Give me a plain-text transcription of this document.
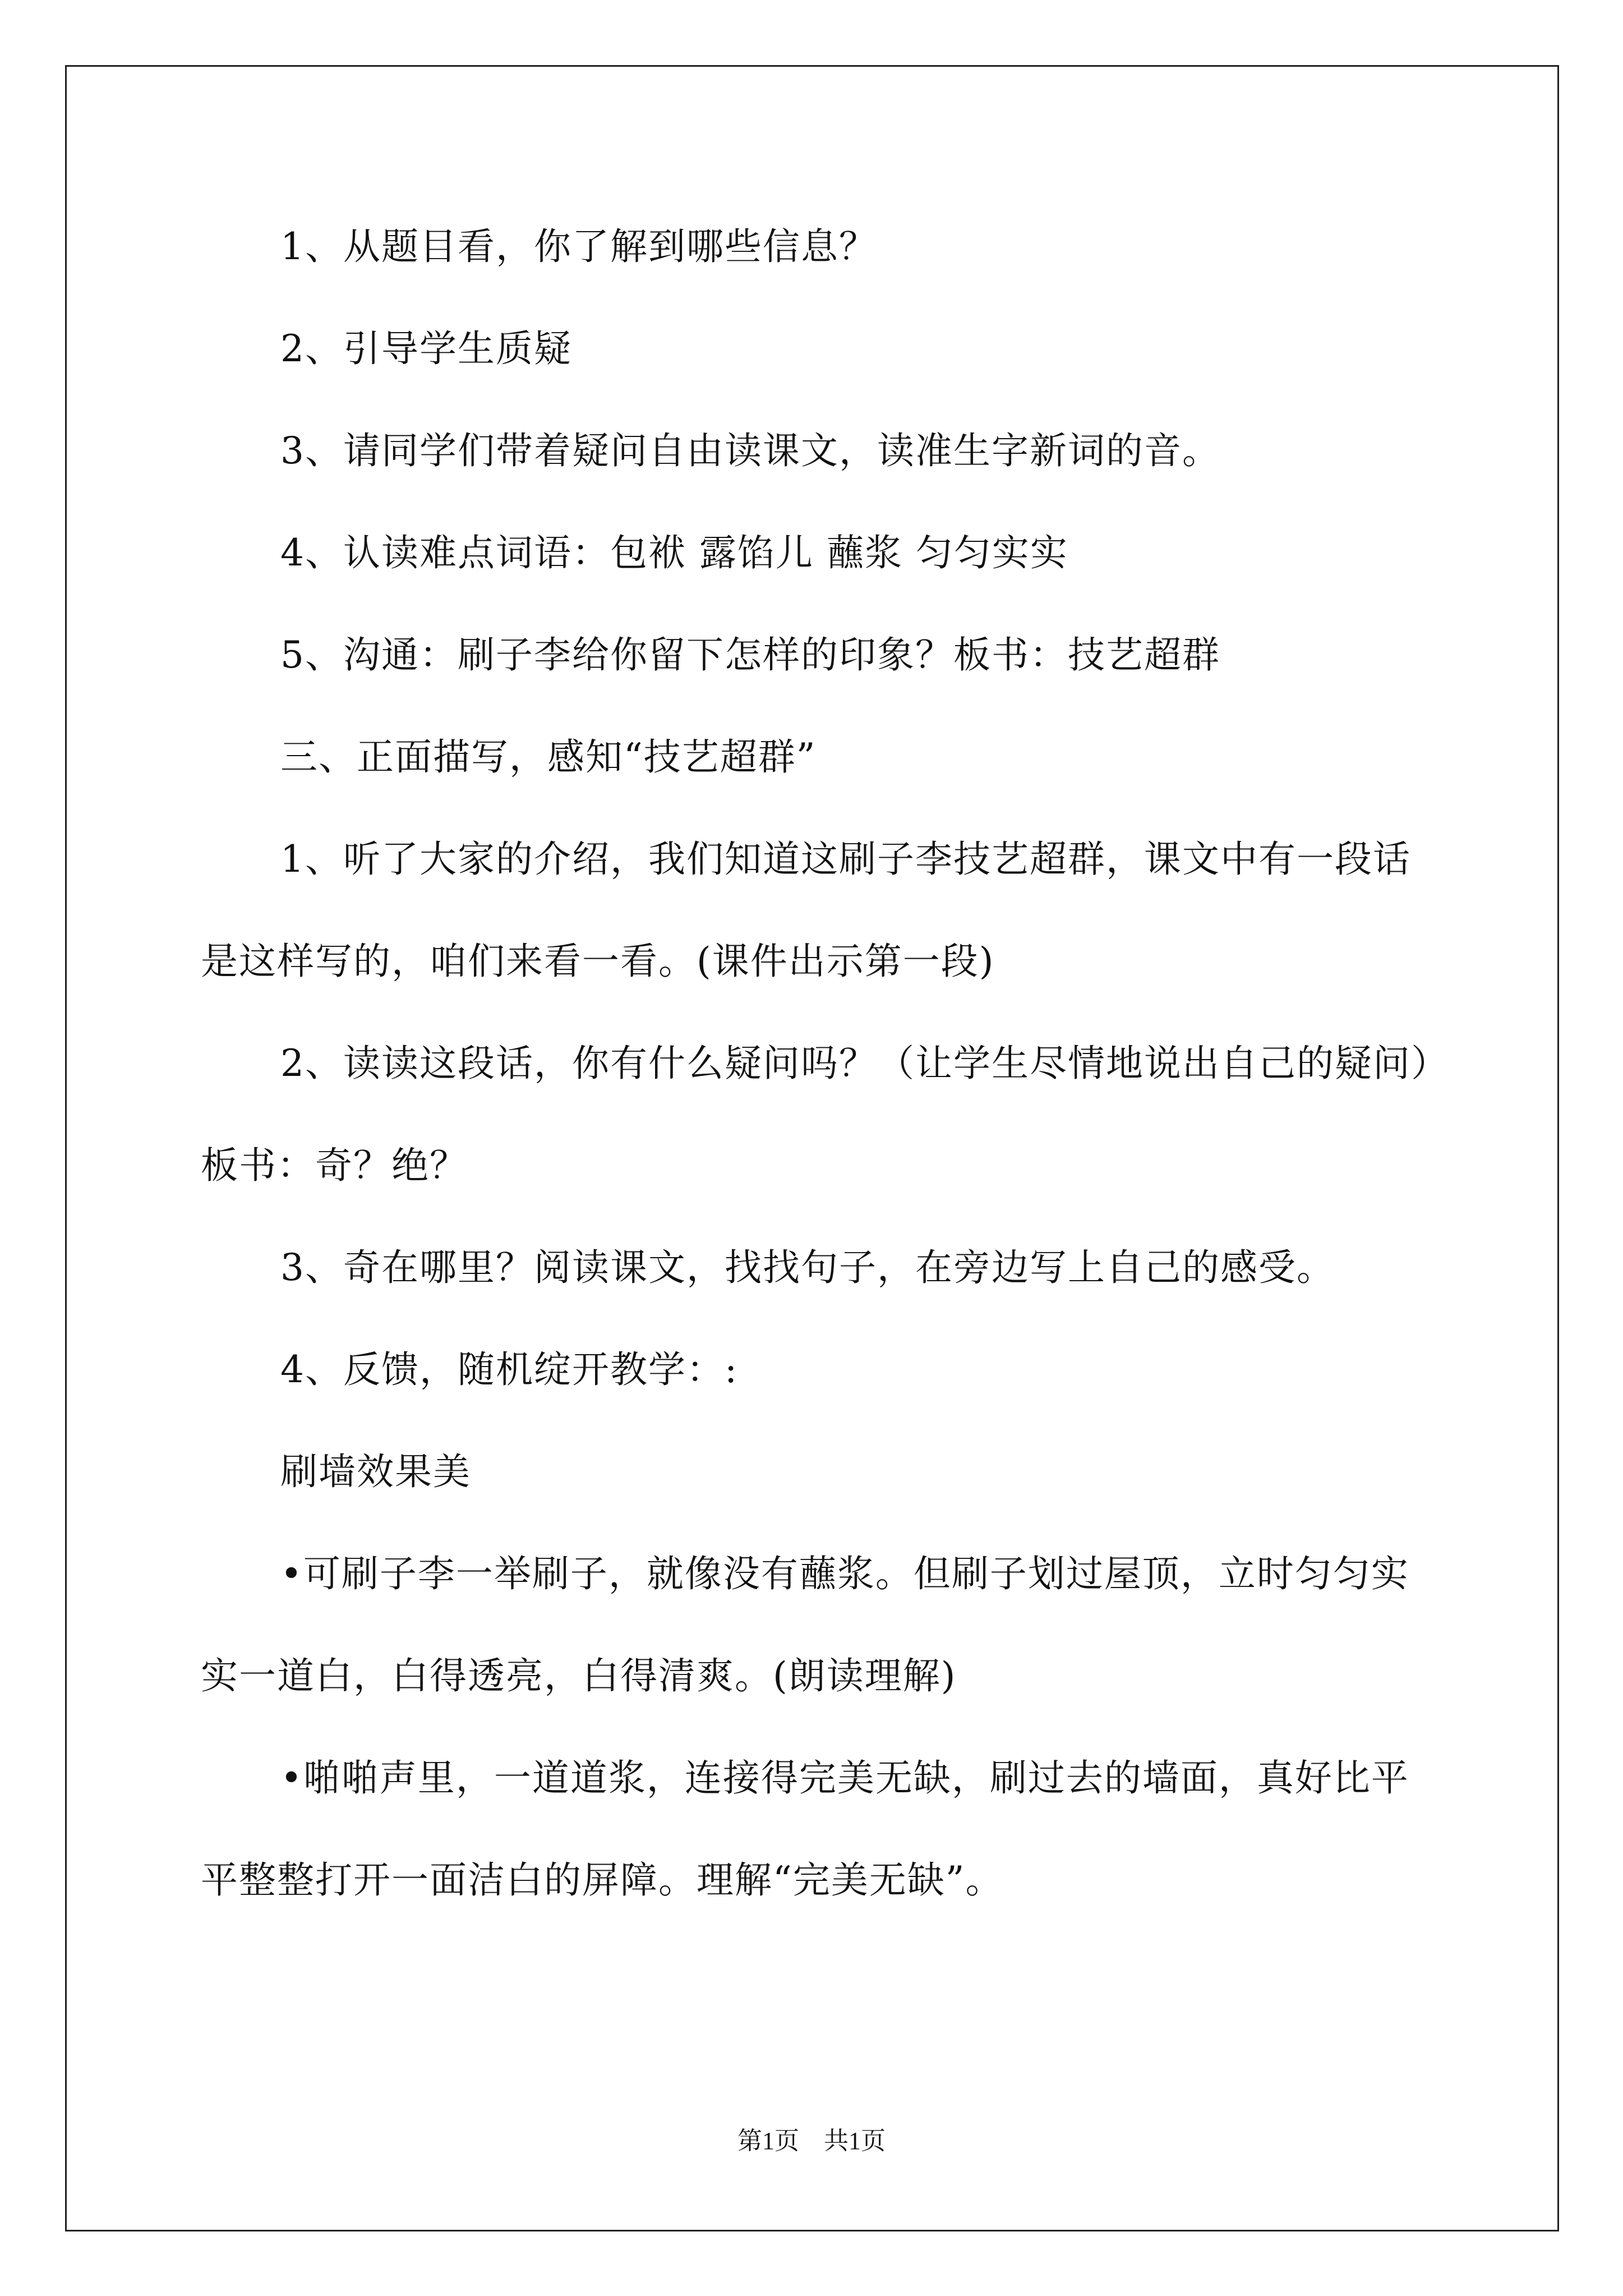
1、从题目看，你了解到哪些信息？

2、引导学生质疑

3、请同学们带着疑问自由读课文，读准生字新词的音。

4、认读难点词语：包袱 露馅儿 蘸浆 匀匀实实

5、沟通：刷子李给你留下怎样的印象？板书：技艺超群

三、正面描写，感知“技艺超群”

1、听了大家的介绍，我们知道这刷子李技艺超群，课文中有一段话是这样写的，咱们来看一看。(课件出示第一段)

2、读读这段话，你有什么疑问吗？（让学生尽情地说出自己的疑问）板书：奇？绝？

3、奇在哪里？阅读课文，找找句子，在旁边写上自己的感受。

4、反馈，随机绽开教学：:

刷墙效果美

•可刷子李一举刷子，就像没有蘸浆。但刷子划过屋顶，立时匀匀实实一道白，白得透亮，白得清爽。(朗读理解)

•啪啪声里，一道道浆，连接得完美无缺，刷过去的墙面，真好比平平整整打开一面洁白的屏障。理解“完美无缺”。

第1页　共1页
